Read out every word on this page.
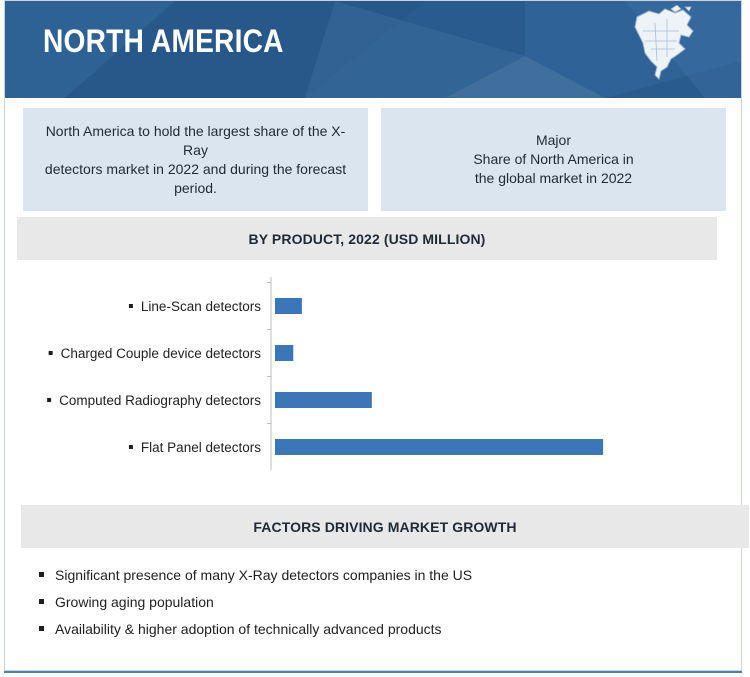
NORTH AMERICA
North America to hold the largest share of the X-Ray
detectors market in 2022 and during the forecast period.
Major
Share of North America in
the global market in 2022
BY PRODUCT, 2022 (USD MILLION)
Line-Scan detectors
Charged Couple device detectors
Computed Radiography detectors
Flat Panel detectors
FACTORS DRIVING MARKET GROWTH
Significant presence of many X-Ray detectors companies in the US
Growing aging population
Availability & higher adoption of technically advanced products
